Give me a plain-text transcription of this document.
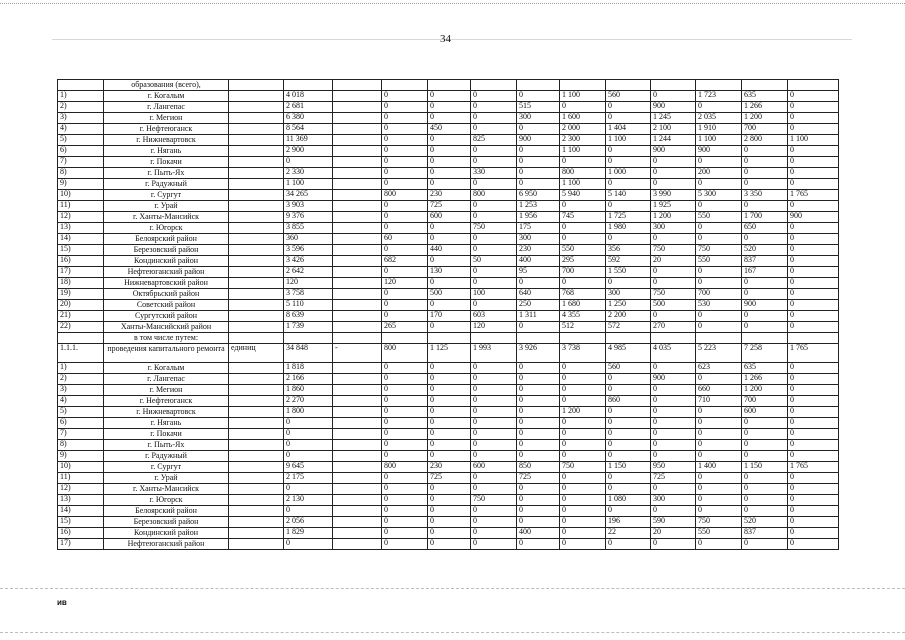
34
	образования (всего),													
1)	г. Когалым		4 018		0	0	0	0	1 100	560	0	1 723	635	0
2)	г. Лангепас		2 681		0	0	0	515	0	0	900	0	1 266	0
3)	г. Мегион		6 380		0	0	0	300	1 600	0	1 245	2 035	1 200	0
4)	г. Нефтеюганск		8 564		0	450	0	0	2 000	1 404	2 100	1 910	700	0
5)	г. Нижневартовск		11 369		0	0	825	900	2 300	1 100	1 244	1 100	2 800	1 100
6)	г. Нягань		2 900		0	0	0	0	1 100	0	900	900	0	0
7)	г. Покачи		0		0	0	0	0	0	0	0	0	0	0
8)	г. Пыть-Ях		2 330		0	0	330	0	800	1 000	0	200	0	0
9)	г. Радужный		1 100		0	0	0	0	1 100	0	0	0	0	0
10)	г. Сургут		34 265		800	230	800	6 950	5 940	5 140	3 990	5 300	3 350	1 765
11)	г. Урай		3 903		0	725	0	1 253	0	0	1 925	0	0	0
12)	г. Ханты-Мансийск		9 376		0	600	0	1 956	745	1 725	1 200	550	1 700	900
13)	г. Югорск		3 855		0	0	750	175	0	1 980	300	0	650	0
14)	Белоярский район		360		60	0	0	300	0	0	0	0	0	0
15)	Березовский район		3 596		0	440	0	230	550	356	750	750	520	0
16)	Кондинский район		3 426		682	0	50	400	295	592	20	550	837	0
17)	Нефтеюганский район		2 642		0	130	0	95	700	1 550	0	0	167	0
18)	Нижневартовский район		120		120	0	0	0	0	0	0	0	0	0
19)	Октябрьский район		3 758		0	500	100	640	768	300	750	700	0	0
20)	Советский район		5 110		0	0	0	250	1 680	1 250	500	530	900	0
21)	Сургутский район		8 639		0	170	603	1 311	4 355	2 200	0	0	0	0
22)	Ханты-Мансийский район		1 739		265	0	120	0	512	572	270	0	0	0
	в том числе путем:													
1.1.1.	проведения капитального ремонта	единиц	34 848	-	800	1 125	1 993	3 926	3 738	4 985	4 035	5 223	7 258	1 765
1)	г. Когалым		1 818		0	0	0	0	0	560	0	623	635	0
2)	г. Лангепас		2 166		0	0	0	0	0	0	900	0	1 266	0
3)	г. Мегион		1 860		0	0	0	0	0	0	0	660	1 200	0
4)	г. Нефтеюганск		2 270		0	0	0	0	0	860	0	710	700	0
5)	г. Нижневартовск		1 800		0	0	0	0	1 200	0	0	0	600	0
6)	г. Нягань		0		0	0	0	0	0	0	0	0	0	0
7)	г. Покачи		0		0	0	0	0	0	0	0	0	0	0
8)	г. Пыть-Ях		0		0	0	0	0	0	0	0	0	0	0
9)	г. Радужный		0		0	0	0	0	0	0	0	0	0	0
10)	г. Сургут		9 645		800	230	600	850	750	1 150	950	1 400	1 150	1 765
11)	г. Урай		2 175		0	725	0	725	0	0	725	0	0	0
12)	г. Ханты-Мансийск		0		0	0	0	0	0	0	0	0	0	0
13)	г. Югорск		2 130		0	0	750	0	0	1 080	300	0	0	0
14)	Белоярский район		0		0	0	0	0	0	0	0	0	0	0
15)	Березовский район		2 056		0	0	0	0	0	196	590	750	520	0
16)	Кондинский район		1 829		0	0	0	400	0	22	20	550	837	0
17)	Нефтеюганский район		0		0	0	0	0	0	0	0	0	0	0
ив
